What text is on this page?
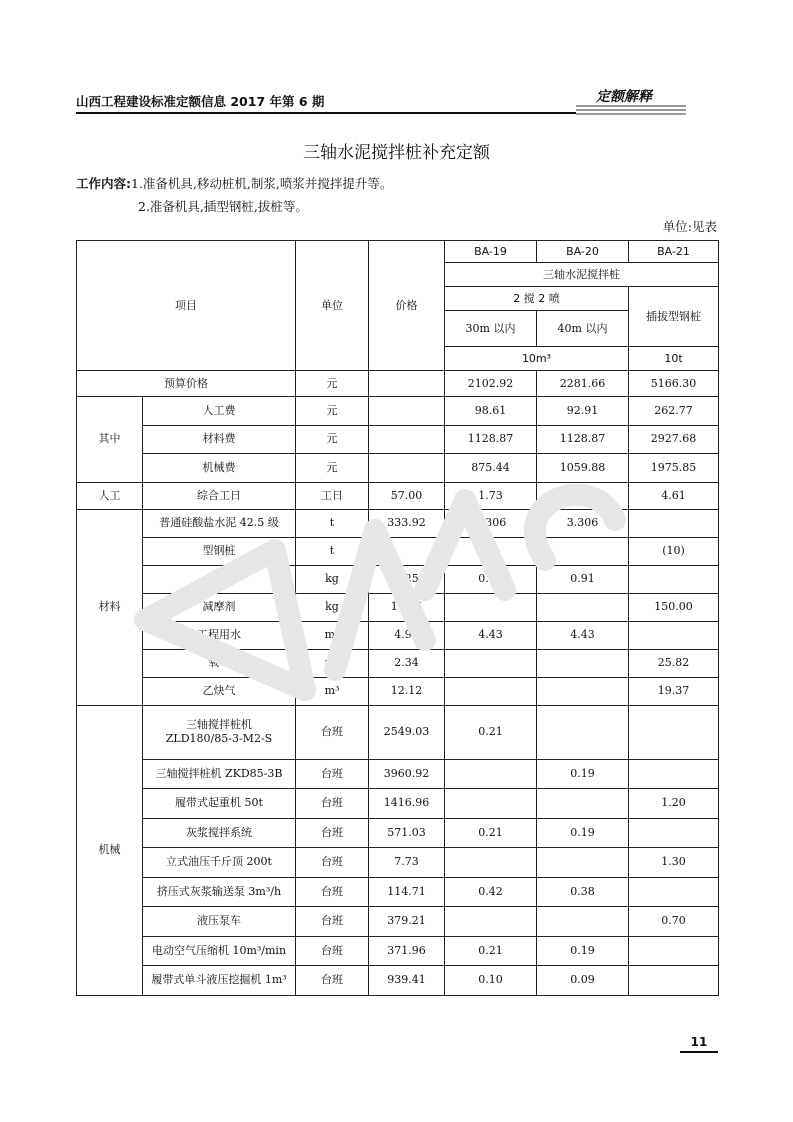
山西工程建设标准定额信息 2017 年第 6 期	定额解释
三轴水泥搅拌桩补充定额
工作内容:1.准备机具,移动桩机,制浆,喷浆并搅拌提升等。
2.准备机具,插型钢桩,拔桩等。
单位:见表
项目		单位	价格	BA-19	BA-20	BA-21
				三轴水泥搅拌桩		
				2 搅 2 喷		插拔型钢桩
				30m 以内	40m 以内	
				10m³		10t
预算价格		元		2102.92	2281.66	5166.30
其中	人工费	元		98.61	92.91	262.77
	材料费	元		1128.87	1128.87	2927.68
	机械费	元		875.44	1059.88	1975.85
人工	综合工日	工日	57.00	1.73	1.63	4.61
材料	普通硅酸盐水泥 42.5 级	t	333.92	3.306	3.306	
	型钢桩	t				(10)
	钢板	kg	3.25	0.91	0.91	
	减摩剂	kg	17.55			150.00
	工程用水	m³	4.96	4.43	4.43	
	氧气	m³	2.34			25.82
	乙炔气	m³	12.12			19.37
机械	三轴搅拌桩机
ZLD180/85-3-M2-S	台班	2549.03	0.21		
	三轴搅拌桩机 ZKD85-3B	台班	3960.92		0.19	
	履带式起重机 50t	台班	1416.96			1.20
	灰浆搅拌系统	台班	571.03	0.21	0.19	
	立式油压千斤顶 200t	台班	7.73			1.30
	挤压式灰浆输送泵 3m³/h	台班	114.71	0.42	0.38	
	液压泵车	台班	379.21			0.70
	电动空气压缩机 10m³/min	台班	371.96	0.21	0.19	
	履带式单斗液压挖掘机 1m³	台班	939.41	0.10	0.09	
11
